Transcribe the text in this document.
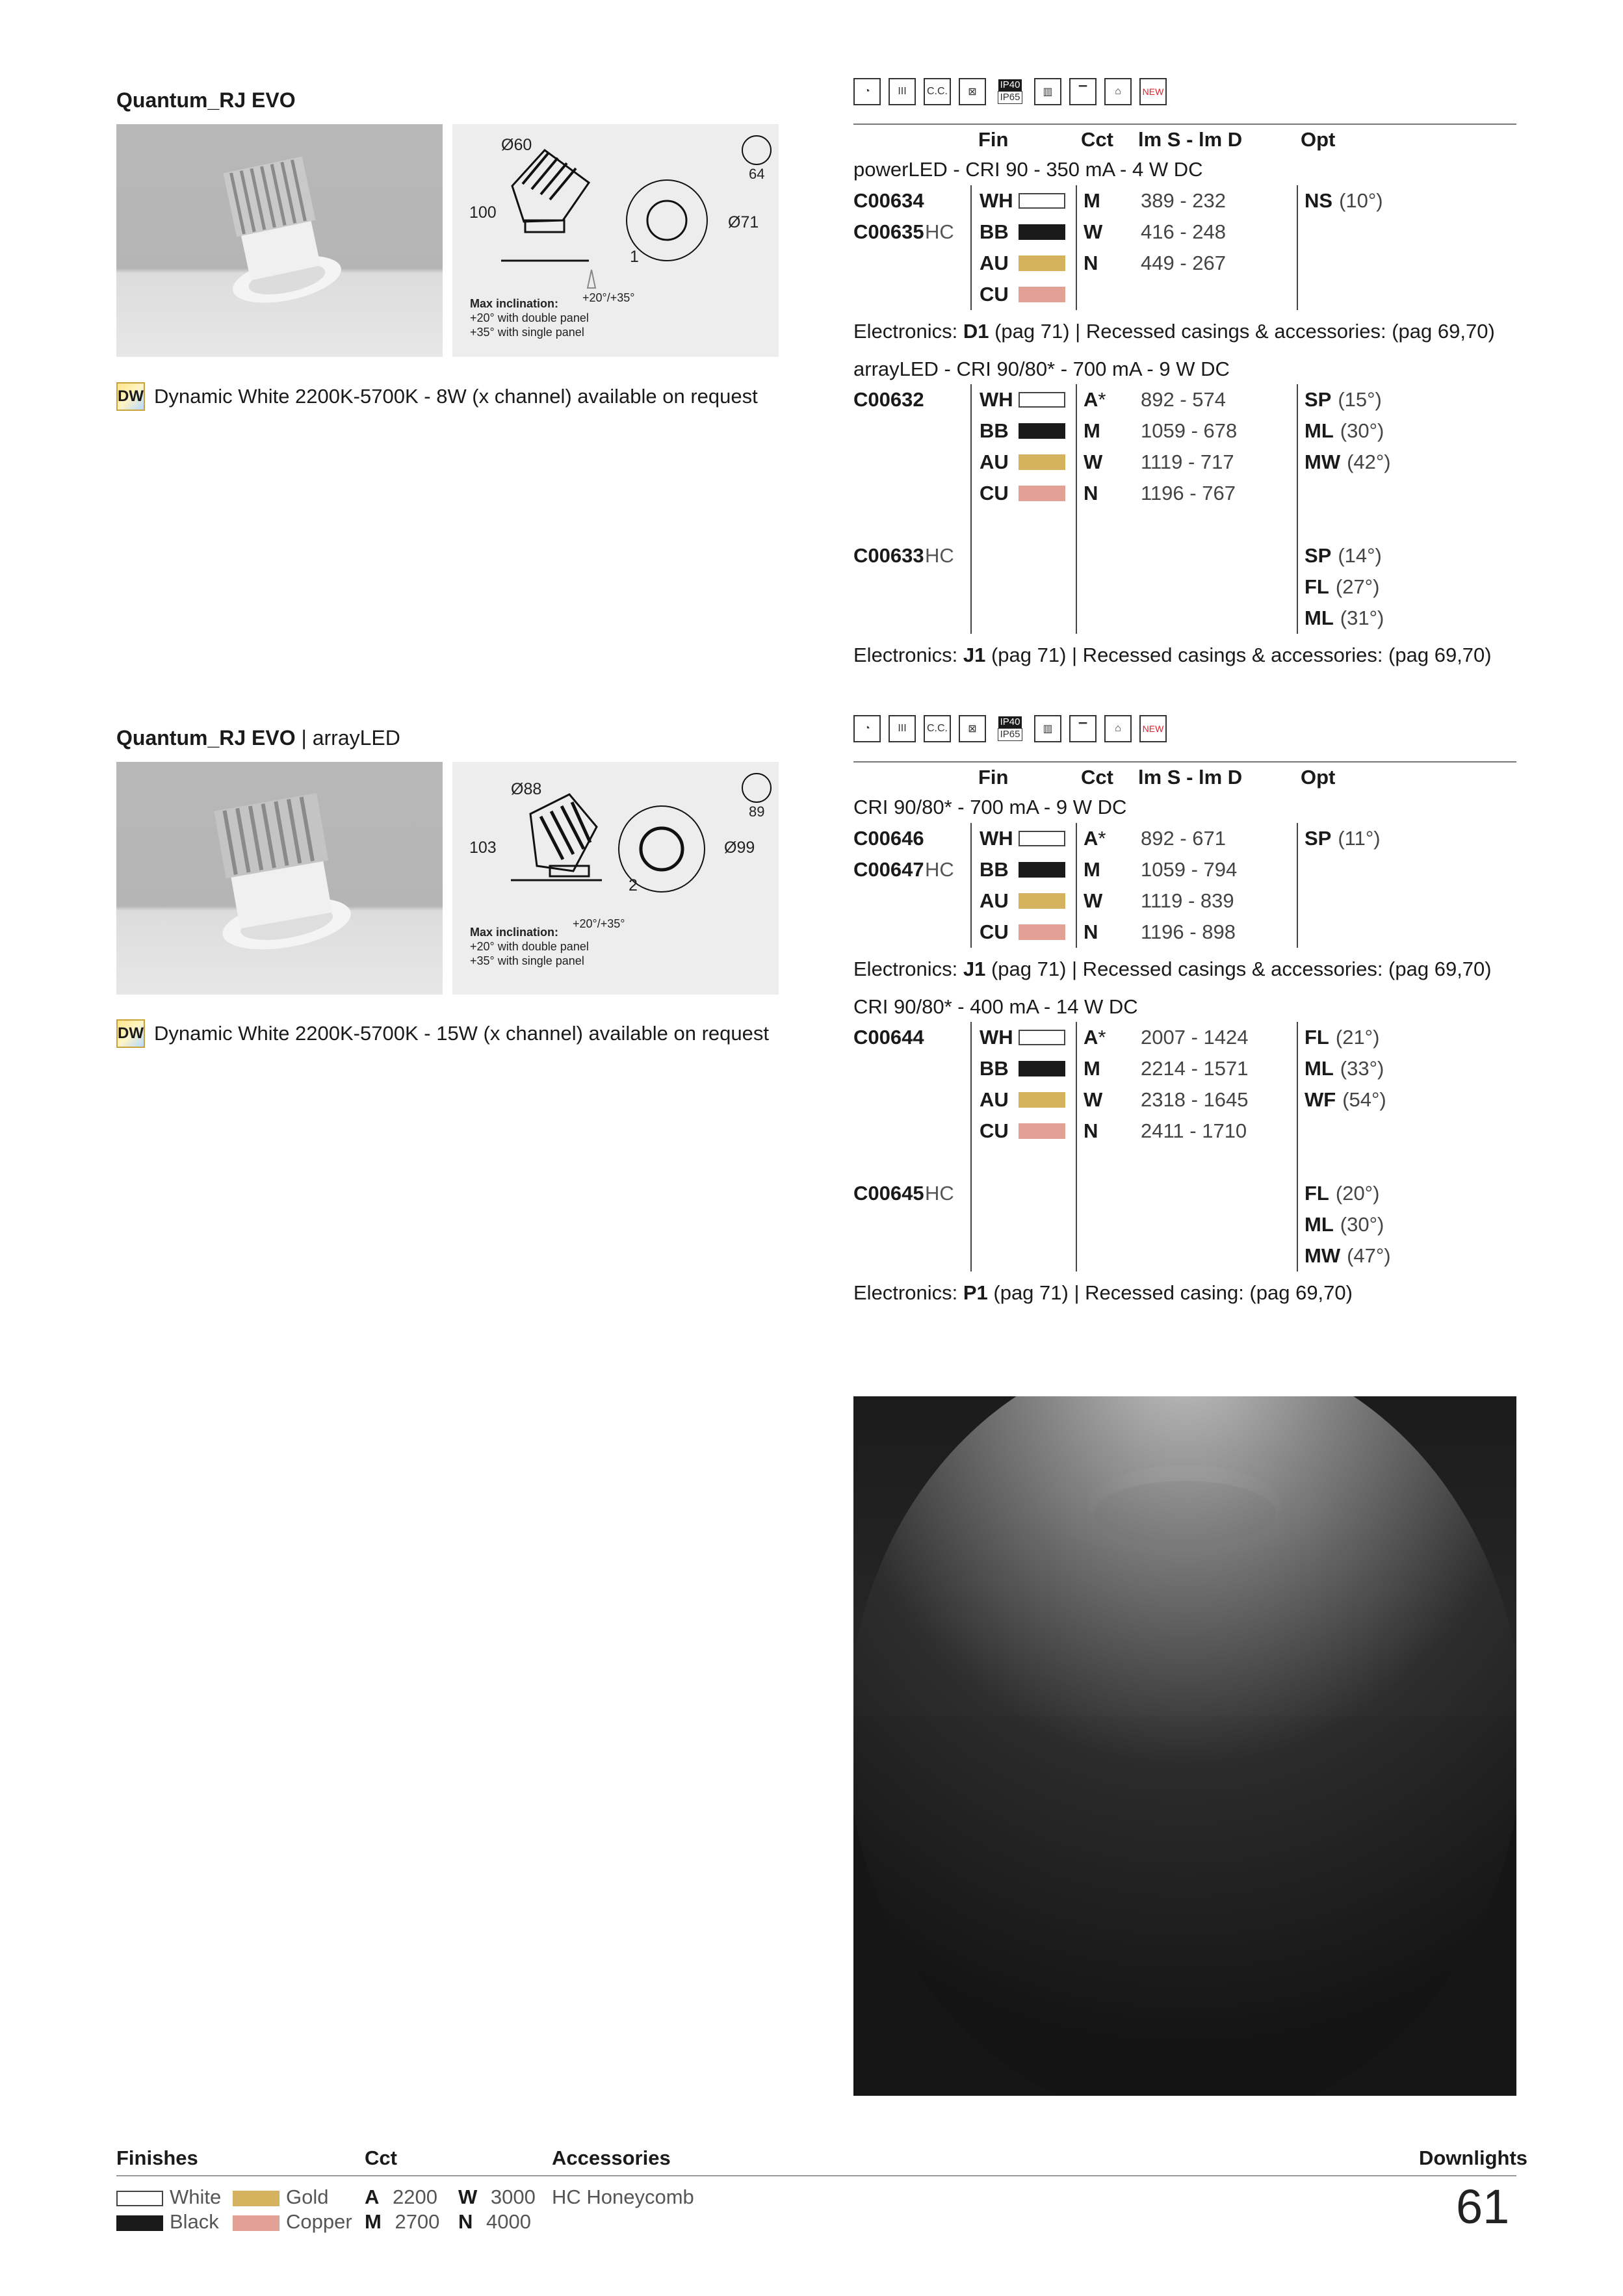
Quantum_RJ EVO
Ø60
100
64
Ø71
1
+20°/+35°
Max inclination:
+20° with double panel
+35° with single panel
DW Dynamic White 2200K-5700K - 8W (x channel) available on request
◔	III C.C.	⊠
IP40
IP65	▥	▔	⌂	NEW
		Fin		Cct	lm S - lm D	Opt
powerLED - CRI 90 - 350 mA - 4 W DC
C00634		WH		M	389 - 232	NS (10°)
C00635	HC	BB		W	416 - 248	
		AU		N	449 - 267	
		CU	

Electronics: D1 (pag 71) | Recessed casings & accessories: (pag 69,70)
arrayLED - CRI 90/80* - 700 mA - 9 W DC
C00632		WH		A*	892 - 574	SP (15°)
		BB		M	1059 - 678	ML (30°)
		AU		W	1119 - 717	MW (42°)
		CU		N	1196 - 767	

C00633	HC					SP (14°)
						FL (27°)
						ML (31°)
Electronics: J1 (pag 71) | Recessed casings & accessories: (pag 69,70)
Quantum_RJ EVO | arrayLED
Ø88
103
89
Ø99
2
+20°/+35°
Max inclination:
+20° with double panel
+35° with single panel
DW Dynamic White 2200K-5700K - 15W (x channel) available on request
◔	III C.C.	⊠
IP40
IP65	▥	▔	⌂	NEW
		Fin		Cct	lm S - lm D	Opt
CRI 90/80* - 700 mA - 9 W DC
C00646		WH		A*	892 - 671	SP (11°)
C00647	HC	BB		M	1059 - 794	
		AU		W	1119 - 839	
		CU		N	1196 - 898	
Electronics: J1 (pag 71) | Recessed casings & accessories: (pag 69,70)
CRI 90/80* - 400 mA - 14 W DC
C00644		WH		A*	2007 - 1424	FL (21°)
		BB		M	2214 - 1571	ML (33°)
		AU		W	2318 - 1645	WF (54°)
		CU		N	2411 - 1710	

C00645	HC					FL (20°)
						ML (30°)
						MW (47°)
Electronics: P1 (pag 71) | Recessed casing: (pag 69,70)
Finishes	Cct	Accessories	Downlights
White	Gold
Black	Copper
A 2200 W 3000
M 2700 N 4000
HC Honeycomb	61
